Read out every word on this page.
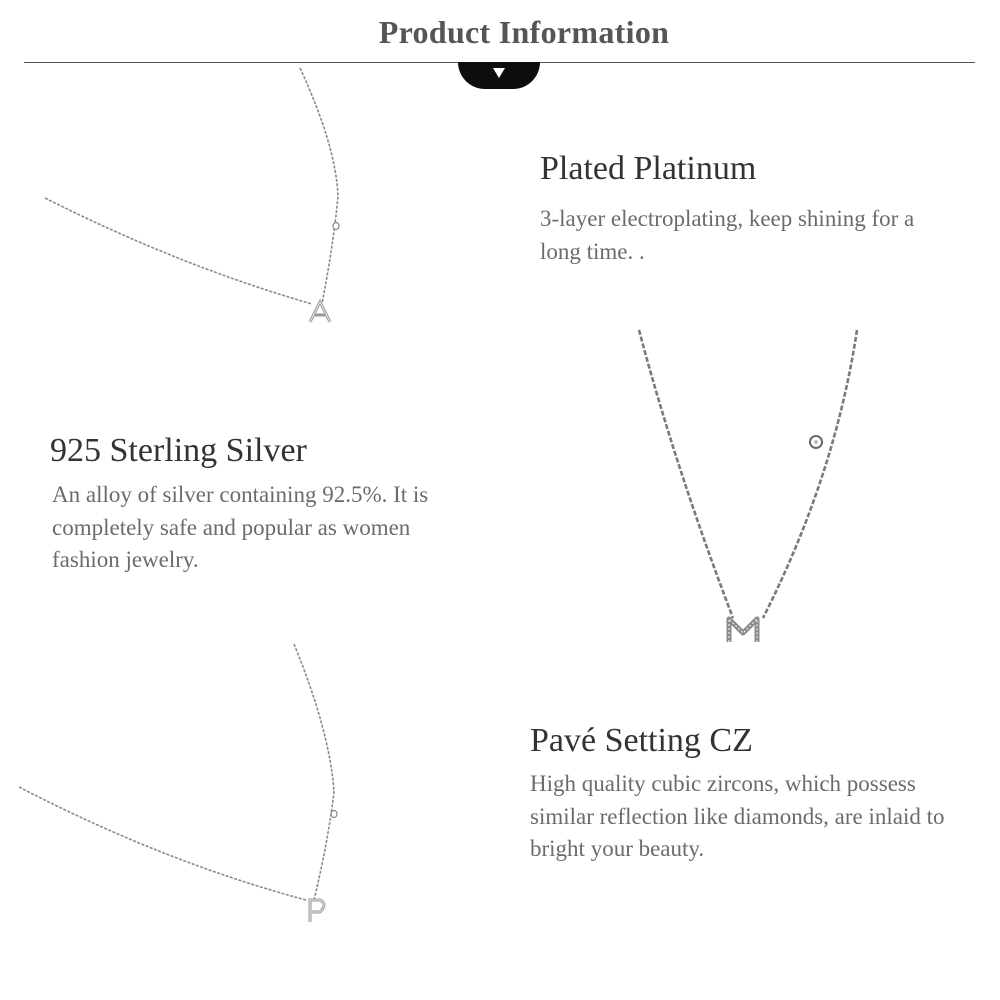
Product Information
Plated Platinum
3-layer electroplating, keep shining for a long time. .
925 Sterling Silver
An alloy of silver containing 92.5%. It is completely safe and popular as women fashion jewelry.
Pavé Setting CZ
High quality cubic zircons, which possess similar reflection like diamonds, are inlaid to bright your beauty.
